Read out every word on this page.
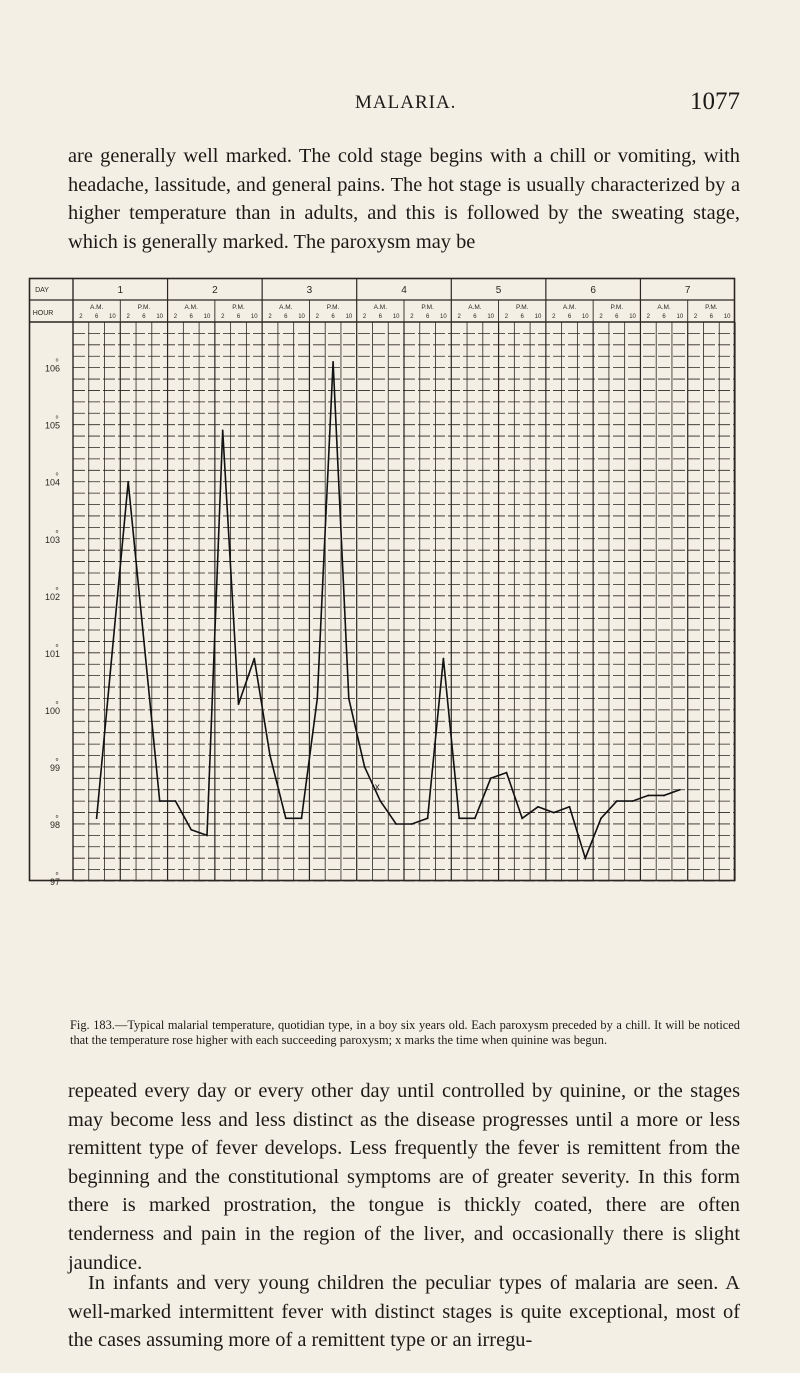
MALARIA.	1077

are generally well marked. The cold stage begins with a chill or vomiting, with headache, lassitude, and general pains. The hot stage is usually characterized by a higher temperature than in adults, and this is followed by the sweating stage, which is generally marked. The paroxysm may be

DAY
HOUR
1
A.M.
2 6 10
P.M.
2 6 10
2
A.M.
2 6 10
P.M.
2 6 10
3
A.M.
2 6 10
P.M.
2 6 10
4
A.M.
2 6 10
P.M.
2 6 10
5
A.M.
2 6 10
P.M.
2 6 10
6
A.M.
2 6 10
P.M.
2 6 10
7
A.M.
2 6 10
P.M.
2 6 10
106
o
105
o
104
o
103
o
102
o
101
o
100
o
99
o
98
o
97
o
x

Fig. 183.—Typical malarial temperature, quotidian type, in a boy six years old. Each paroxysm preceded by a chill. It will be noticed that the temperature rose higher with each succeeding paroxysm; x marks the time when quinine was begun.

repeated every day or every other day until controlled by quinine, or the stages may become less and less distinct as the disease progresses until a more or less remittent type of fever develops. Less frequently the fever is remittent from the beginning and the constitutional symptoms are of greater severity. In this form there is marked prostration, the tongue is thickly coated, there are often tenderness and pain in the region of the liver, and occasionally there is slight jaundice.

In infants and very young children the peculiar types of malaria are seen. A well-marked intermittent fever with distinct stages is quite exceptional, most of the cases assuming more of a remittent type or an irregu-
